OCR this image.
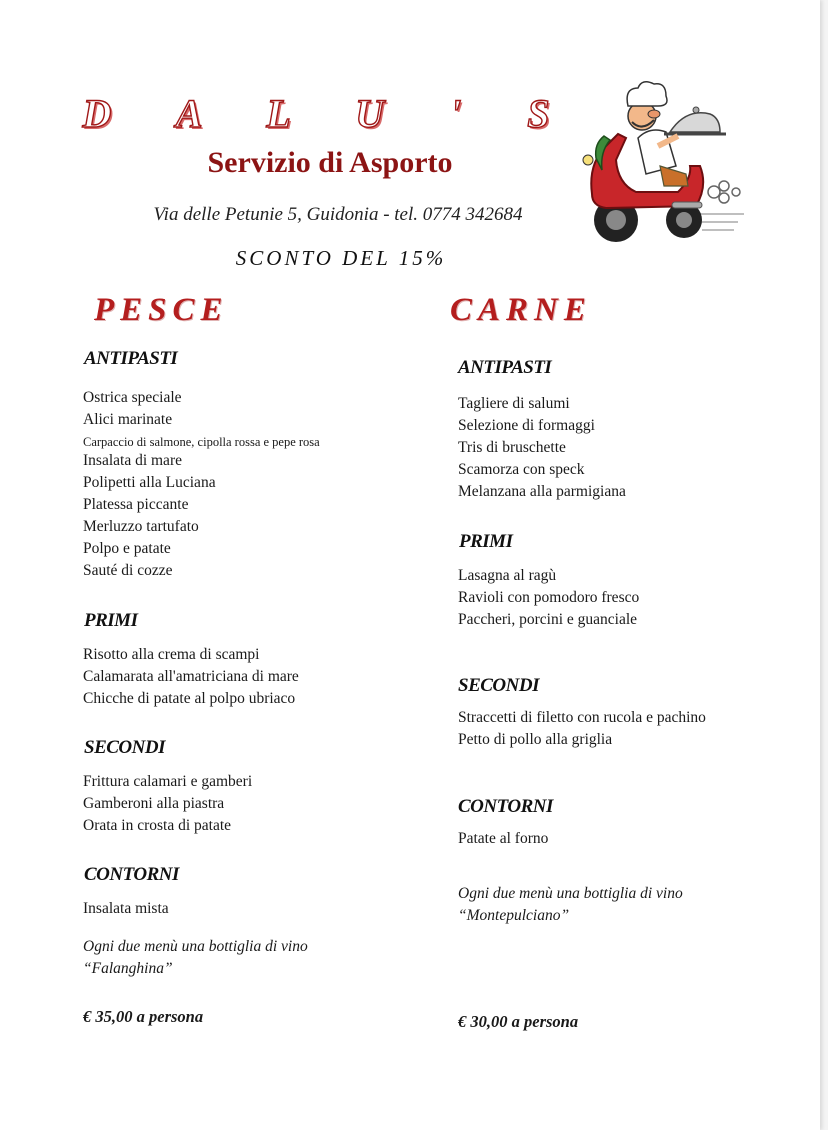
D A L U ' S
Servizio di Asporto
Via delle Petunie 5, Guidonia - tel. 0774 342684
SCONTO DEL 15%
PESCE
ANTIPASTI
Ostrica speciale
Alici marinate
Carpaccio di salmone, cipolla rossa e pepe rosa
Insalata di mare
Polipetti alla Luciana
Platessa piccante
Merluzzo tartufato
Polpo e patate
Sauté di cozze
PRIMI
Risotto alla crema di scampi
Calamarata all'amatriciana di mare
Chicche di patate al polpo ubriaco
SECONDI
Frittura calamari e gamberi
Gamberoni alla piastra
Orata in crosta di patate
CONTORNI
Insalata mista
Ogni due menù una bottiglia di vino
“Falanghina”
€ 35,00 a persona
CARNE
ANTIPASTI
Tagliere di salumi
Selezione di formaggi
Tris di bruschette
Scamorza con speck
Melanzana alla parmigiana
PRIMI
Lasagna al ragù
Ravioli con pomodoro fresco
Paccheri, porcini e guanciale
SECONDI
Straccetti di filetto con rucola e pachino
Petto di pollo alla griglia
CONTORNI
Patate al forno
Ogni due menù una bottiglia di vino
“Montepulciano”
€ 30,00 a persona
